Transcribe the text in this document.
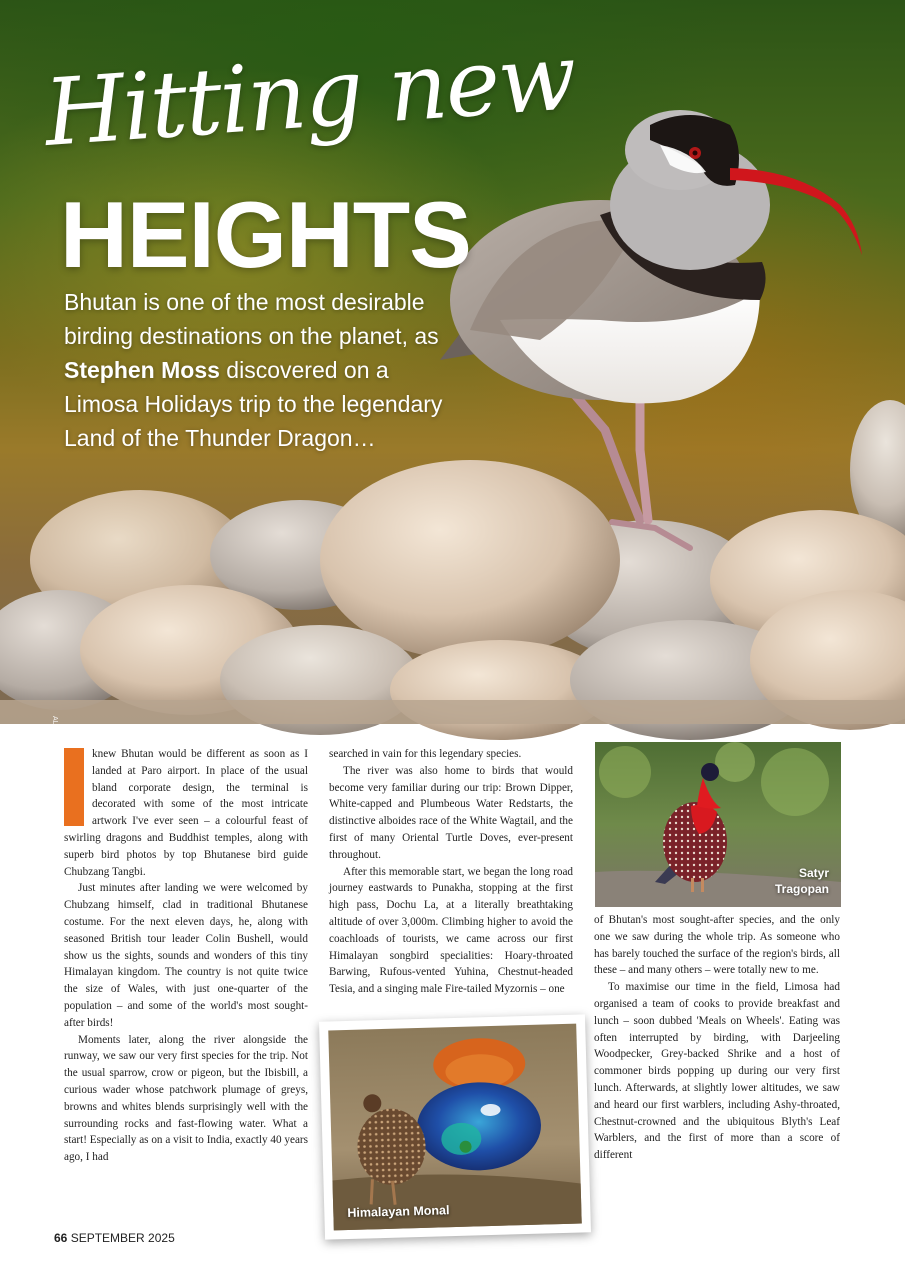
Hitting new
HEIGHTS

Bhutan is one of the most desirable birding destinations on the planet, as Stephen Moss discovered on a Limosa Holidays trip to the legendary Land of the Thunder Dragon…

ALL PHOTOGRAPHS BY CHUBZANG TANGBI	knew Bhutan would be different as soon as I landed at Paro airport. In place of the usual bland corporate design, the terminal is decorated with some of the most intricate artwork I've ever seen – a colourful feast of swirling dragons and Buddhist temples, along with superb bird photos by top Bhutanese bird guide Chubzang Tangbi.

Just minutes after landing we were welcomed by Chubzang himself, clad in traditional Bhutanese costume. For the next eleven days, he, along with seasoned British tour leader Colin Bushell, would show us the sights, sounds and wonders of this tiny Himalayan kingdom. The country is not quite twice the size of Wales, with just one-quarter of the population – and some of the world's most sought-after birds!

Moments later, along the river alongside the runway, we saw our very first species for the trip. Not the usual sparrow, crow or pigeon, but the Ibisbill, a curious wader whose patchwork plumage of greys, browns and whites blends surprisingly well with the surrounding rocks and fast-flowing water. What a start! Especially as on a visit to India, exactly 40 years ago, I had

searched in vain for this legendary species.

The river was also home to birds that would become very familiar during our trip: Brown Dipper, White-capped and Plumbeous Water Redstarts, the distinctive alboides race of the White Wagtail, and the first of many Oriental Turtle Doves, ever-present throughout.

After this memorable start, we began the long road journey eastwards to Punakha, stopping at the first high pass, Dochu La, at a literally breathtaking altitude of over 3,000m. Climbing higher to avoid the coachloads of tourists, we came across our first Himalayan songbird specialities: Hoary-throated Barwing, Rufous-vented Yuhina, Chestnut-headed Tesia, and a singing male Fire-tailed Myzornis – one

of Bhutan's most sought-after species, and the only one we saw during the whole trip. As someone who has barely touched the surface of the region's birds, all these – and many others – were totally new to me.

To maximise our time in the field, Limosa had organised a team of cooks to provide breakfast and lunch – soon dubbed 'Meals on Wheels'. Eating was often interrupted by birding, with Darjeeling Woodpecker, Grey-backed Shrike and a host of commoner birds popping up during our very first lunch. Afterwards, at slightly lower altitudes, we saw and heard our first warblers, including Ashy-throated, Chestnut-crowned and the ubiquitous Blyth's Leaf Warblers, and the first of more than a score of different

Satyr
Tragopan
Himalayan Monal
66 SEPTEMBER 2025
